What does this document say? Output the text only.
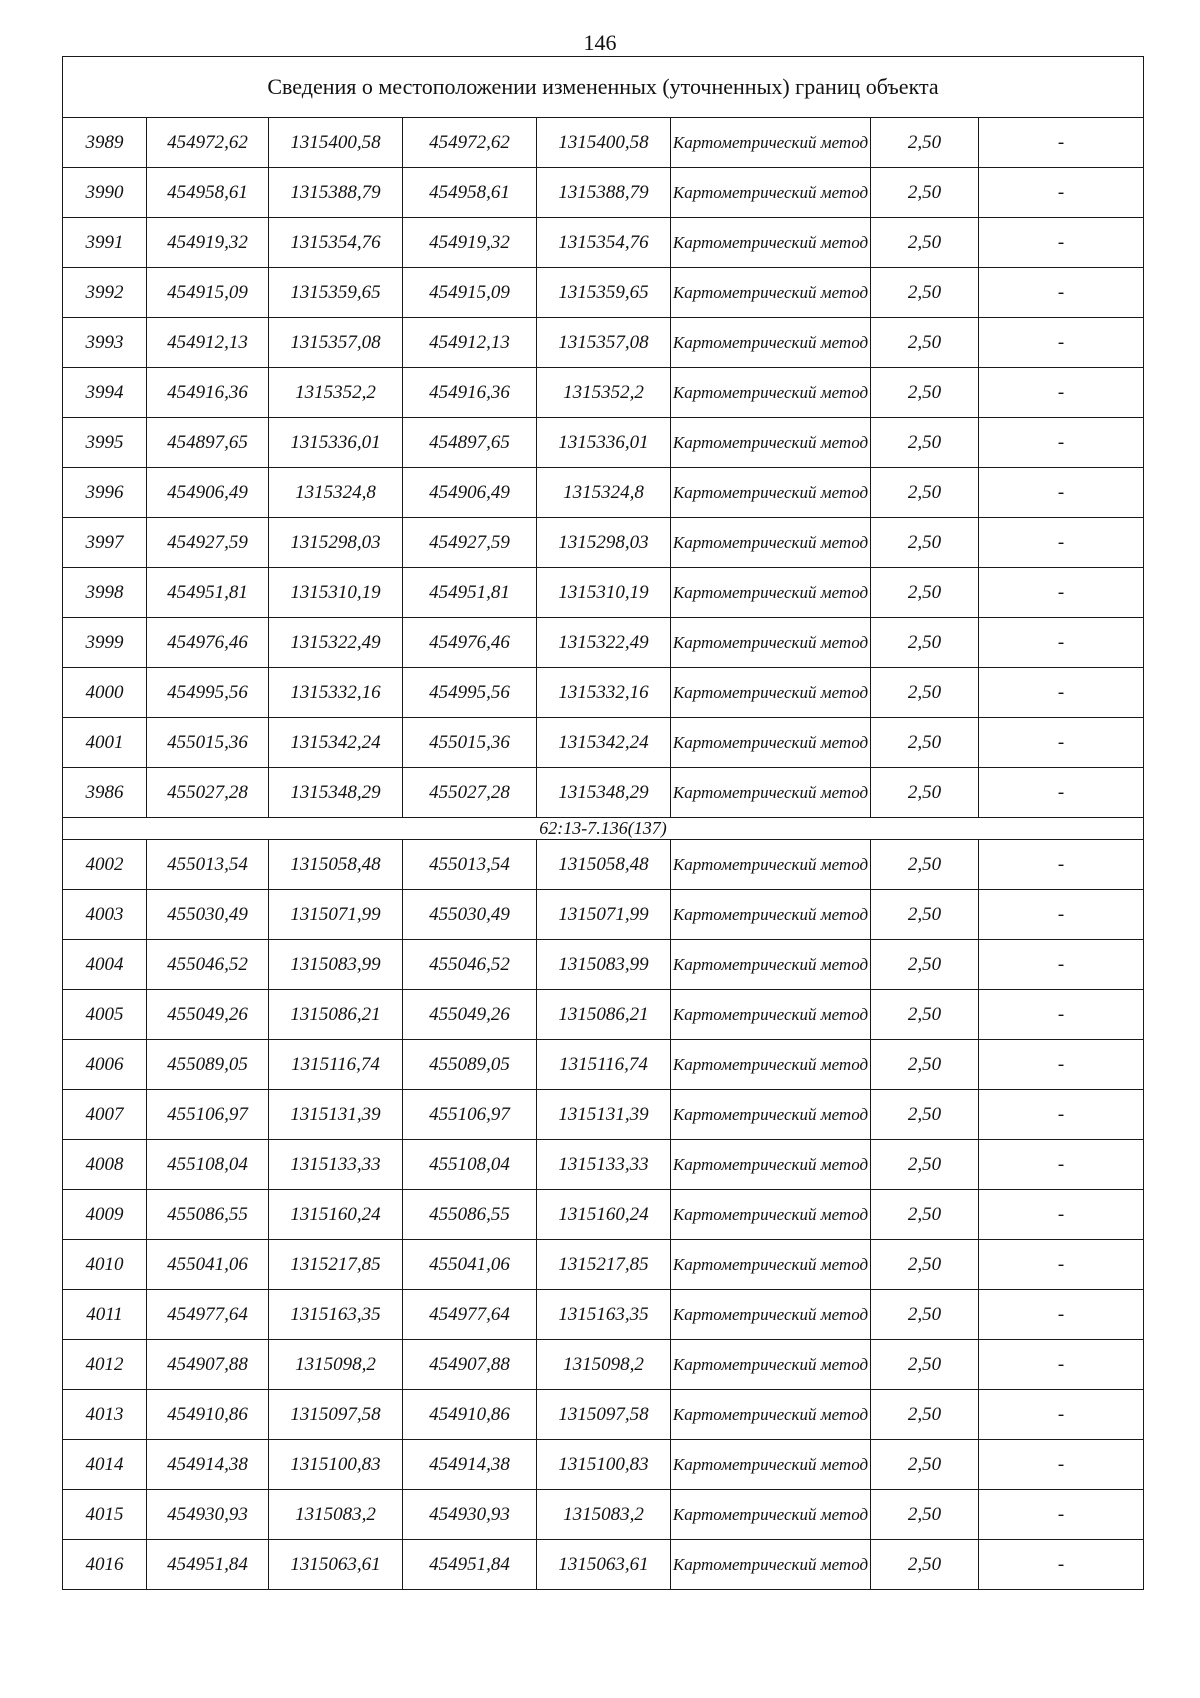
146
Сведения о местоположении измененных (уточненных) границ объекта							
3989	454972,62	1315400,58	454972,62	1315400,58	Картометрический метод	2,50	-
3990	454958,61	1315388,79	454958,61	1315388,79	Картометрический метод	2,50	-
3991	454919,32	1315354,76	454919,32	1315354,76	Картометрический метод	2,50	-
3992	454915,09	1315359,65	454915,09	1315359,65	Картометрический метод	2,50	-
3993	454912,13	1315357,08	454912,13	1315357,08	Картометрический метод	2,50	-
3994	454916,36	1315352,2	454916,36	1315352,2	Картометрический метод	2,50	-
3995	454897,65	1315336,01	454897,65	1315336,01	Картометрический метод	2,50	-
3996	454906,49	1315324,8	454906,49	1315324,8	Картометрический метод	2,50	-
3997	454927,59	1315298,03	454927,59	1315298,03	Картометрический метод	2,50	-
3998	454951,81	1315310,19	454951,81	1315310,19	Картометрический метод	2,50	-
3999	454976,46	1315322,49	454976,46	1315322,49	Картометрический метод	2,50	-
4000	454995,56	1315332,16	454995,56	1315332,16	Картометрический метод	2,50	-
4001	455015,36	1315342,24	455015,36	1315342,24	Картометрический метод	2,50	-
3986	455027,28	1315348,29	455027,28	1315348,29	Картометрический метод	2,50	-
62:13-7.136(137)							
4002	455013,54	1315058,48	455013,54	1315058,48	Картометрический метод	2,50	-
4003	455030,49	1315071,99	455030,49	1315071,99	Картометрический метод	2,50	-
4004	455046,52	1315083,99	455046,52	1315083,99	Картометрический метод	2,50	-
4005	455049,26	1315086,21	455049,26	1315086,21	Картометрический метод	2,50	-
4006	455089,05	1315116,74	455089,05	1315116,74	Картометрический метод	2,50	-
4007	455106,97	1315131,39	455106,97	1315131,39	Картометрический метод	2,50	-
4008	455108,04	1315133,33	455108,04	1315133,33	Картометрический метод	2,50	-
4009	455086,55	1315160,24	455086,55	1315160,24	Картометрический метод	2,50	-
4010	455041,06	1315217,85	455041,06	1315217,85	Картометрический метод	2,50	-
4011	454977,64	1315163,35	454977,64	1315163,35	Картометрический метод	2,50	-
4012	454907,88	1315098,2	454907,88	1315098,2	Картометрический метод	2,50	-
4013	454910,86	1315097,58	454910,86	1315097,58	Картометрический метод	2,50	-
4014	454914,38	1315100,83	454914,38	1315100,83	Картометрический метод	2,50	-
4015	454930,93	1315083,2	454930,93	1315083,2	Картометрический метод	2,50	-
4016	454951,84	1315063,61	454951,84	1315063,61	Картометрический метод	2,50	-
